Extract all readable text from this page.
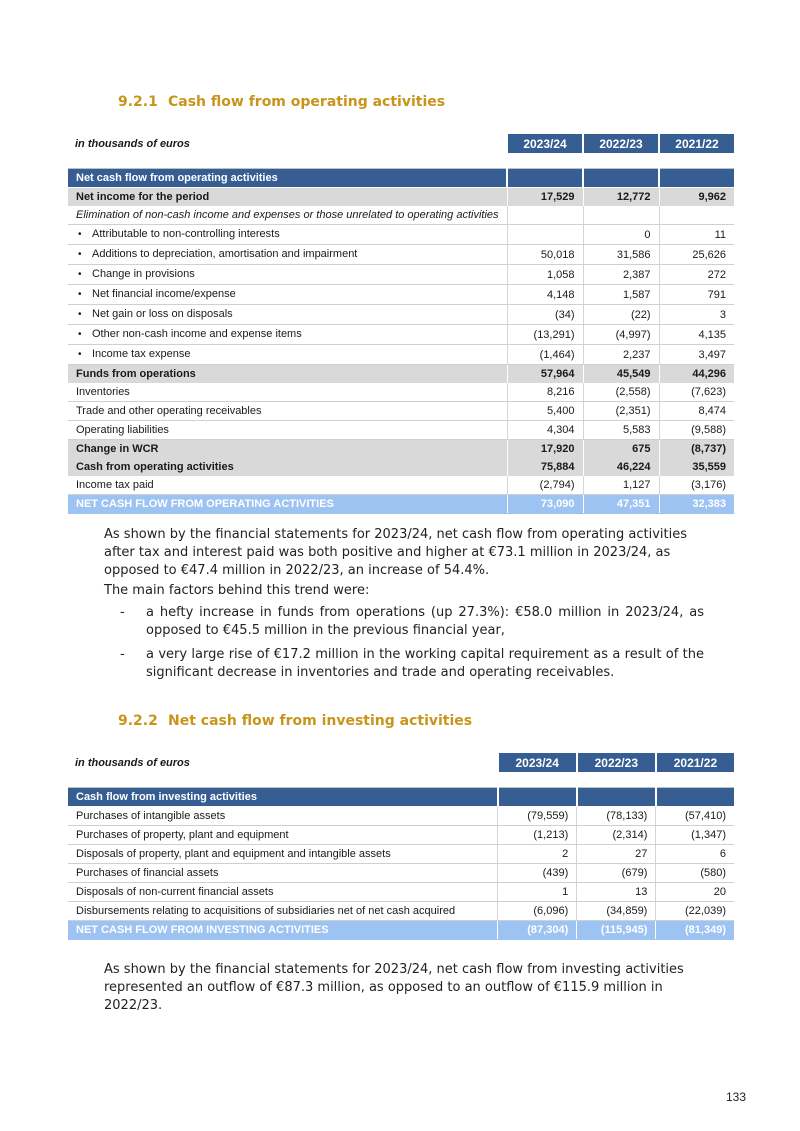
9.2.1 Cash flow from operating activities
in thousands of euros	2023/24	2022/23	2021/22

Net cash flow from operating activities			
Net income for the period	17,529	12,772	9,962
Elimination of non-cash income and expenses or those unrelated to operating activities			
• Attributable to non-controlling interests		0	11
• Additions to depreciation, amortisation and impairment	50,018	31,586	25,626
• Change in provisions	1,058	2,387	272
• Net financial income/expense	4,148	1,587	791
• Net gain or loss on disposals	(34)	(22)	3
• Other non-cash income and expense items	(13,291)	(4,997)	4,135
• Income tax expense	(1,464)	2,237	3,497
Funds from operations	57,964	45,549	44,296
Inventories	8,216	(2,558)	(7,623)
Trade and other operating receivables	5,400	(2,351)	8,474
Operating liabilities	4,304	5,583	(9,588)
Change in WCR	17,920	675	(8,737)
Cash from operating activities	75,884	46,224	35,559
Income tax paid	(2,794)	1,127	(3,176)
NET CASH FLOW FROM OPERATING ACTIVITIES	73,090	47,351	32,383

As shown by the financial statements for 2023/24, net cash flow from operating activities after tax and interest paid was both positive and higher at €73.1 million in 2023/24, as opposed to €47.4 million in 2022/23, an increase of 54.4%.

The main factors behind this trend were:

- a hefty increase in funds from operations (up 27.3%): €58.0 million in 2023/24, as opposed to €45.5 million in the previous financial year,
- a very large rise of €17.2 million in the working capital requirement as a result of the significant decrease in inventories and trade and operating receivables.
9.2.2 Net cash flow from investing activities
in thousands of euros	2023/24	2022/23	2021/22

Cash flow from investing activities			
Purchases of intangible assets	(79,559)	(78,133)	(57,410)
Purchases of property, plant and equipment	(1,213)	(2,314)	(1,347)
Disposals of property, plant and equipment and intangible assets	2	27	6
Purchases of financial assets	(439)	(679)	(580)
Disposals of non-current financial assets	1	13	20
Disbursements relating to acquisitions of subsidiaries net of net cash acquired	(6,096)	(34,859)	(22,039)
NET CASH FLOW FROM INVESTING ACTIVITIES	(87,304)	(115,945)	(81,349)

As shown by the financial statements for 2023/24, net cash flow from investing activities represented an outflow of €87.3 million, as opposed to an outflow of €115.9 million in 2022/23.

133
